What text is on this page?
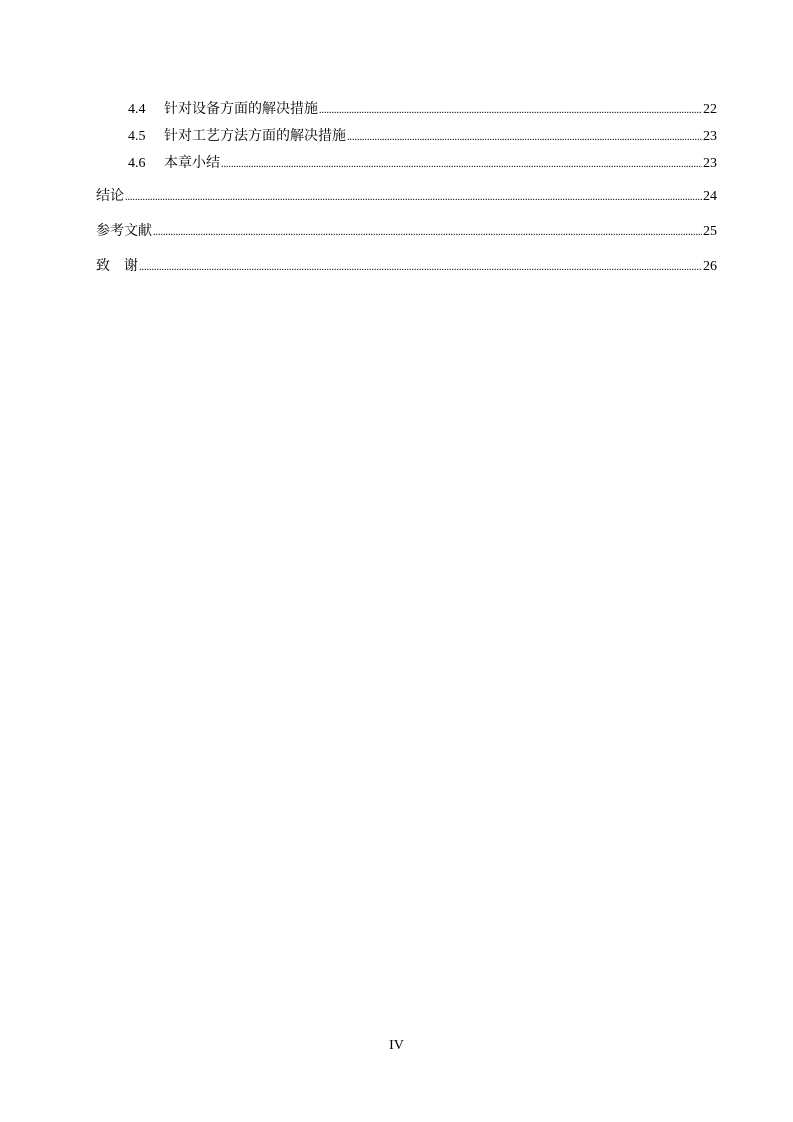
4.4	针对设备方面的解决措施 .....	22
4.5	针对工艺方法方面的解决措施 .....	23
4.6	本章小结 .....	23
结论 .....	24
参考文献 .....	25
致　谢 .....	26
IV
